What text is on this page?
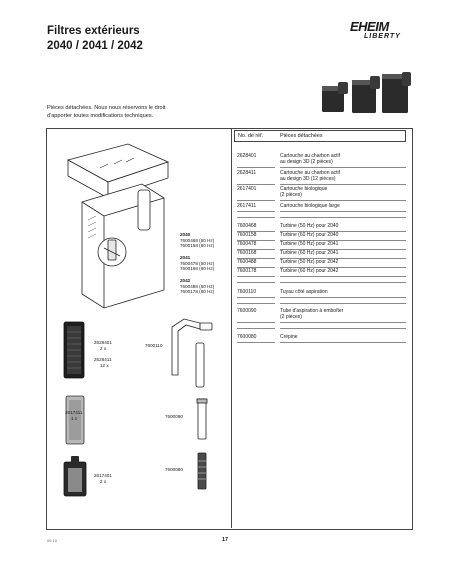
Filtres extérieurs
2040 / 2041 / 2042
EHEIM
LIBERTY
Pièces détachées. Nous nous réservons le droit
d'apporter toutes modifications techniques.
No. de réf.	Pièces détachées
2628401	Cartouche au charbon actif
au design 3D (2 pièces)
2628411	Cartouche au charbon actif
au design 3D (12 pièces)
2617401	Cartouche biologique
(2 pièces)
2617411	Cartouche biologique large
7600468	Turbine (50 Hz) pour 2040
7600158	Turbine (60 Hz) pour 2040
7600478	Turbine (50 Hz) pour 2041
7600168	Turbine (60 Hz) pour 2041
7600488	Turbine (50 Hz) pour 2042
7600178	Turbine (60 Hz) pour 2042
7600110	Tuyau côté aspiration
7600090	Tube d'aspiration à emboîter
(2 pièces)
7600080	Crépine
2040
7600468 (50 Hz)
7600158 (60 Hz)
2041
7600478 (50 Hz)
7600168 (60 Hz)
2042
7600488 (50 Hz)
7600178 (60 Hz)
2628401
2 x
2628411
12 x
2617411
1 x
2617401
2 x
7600110
7600090
7600080
09.10	17
